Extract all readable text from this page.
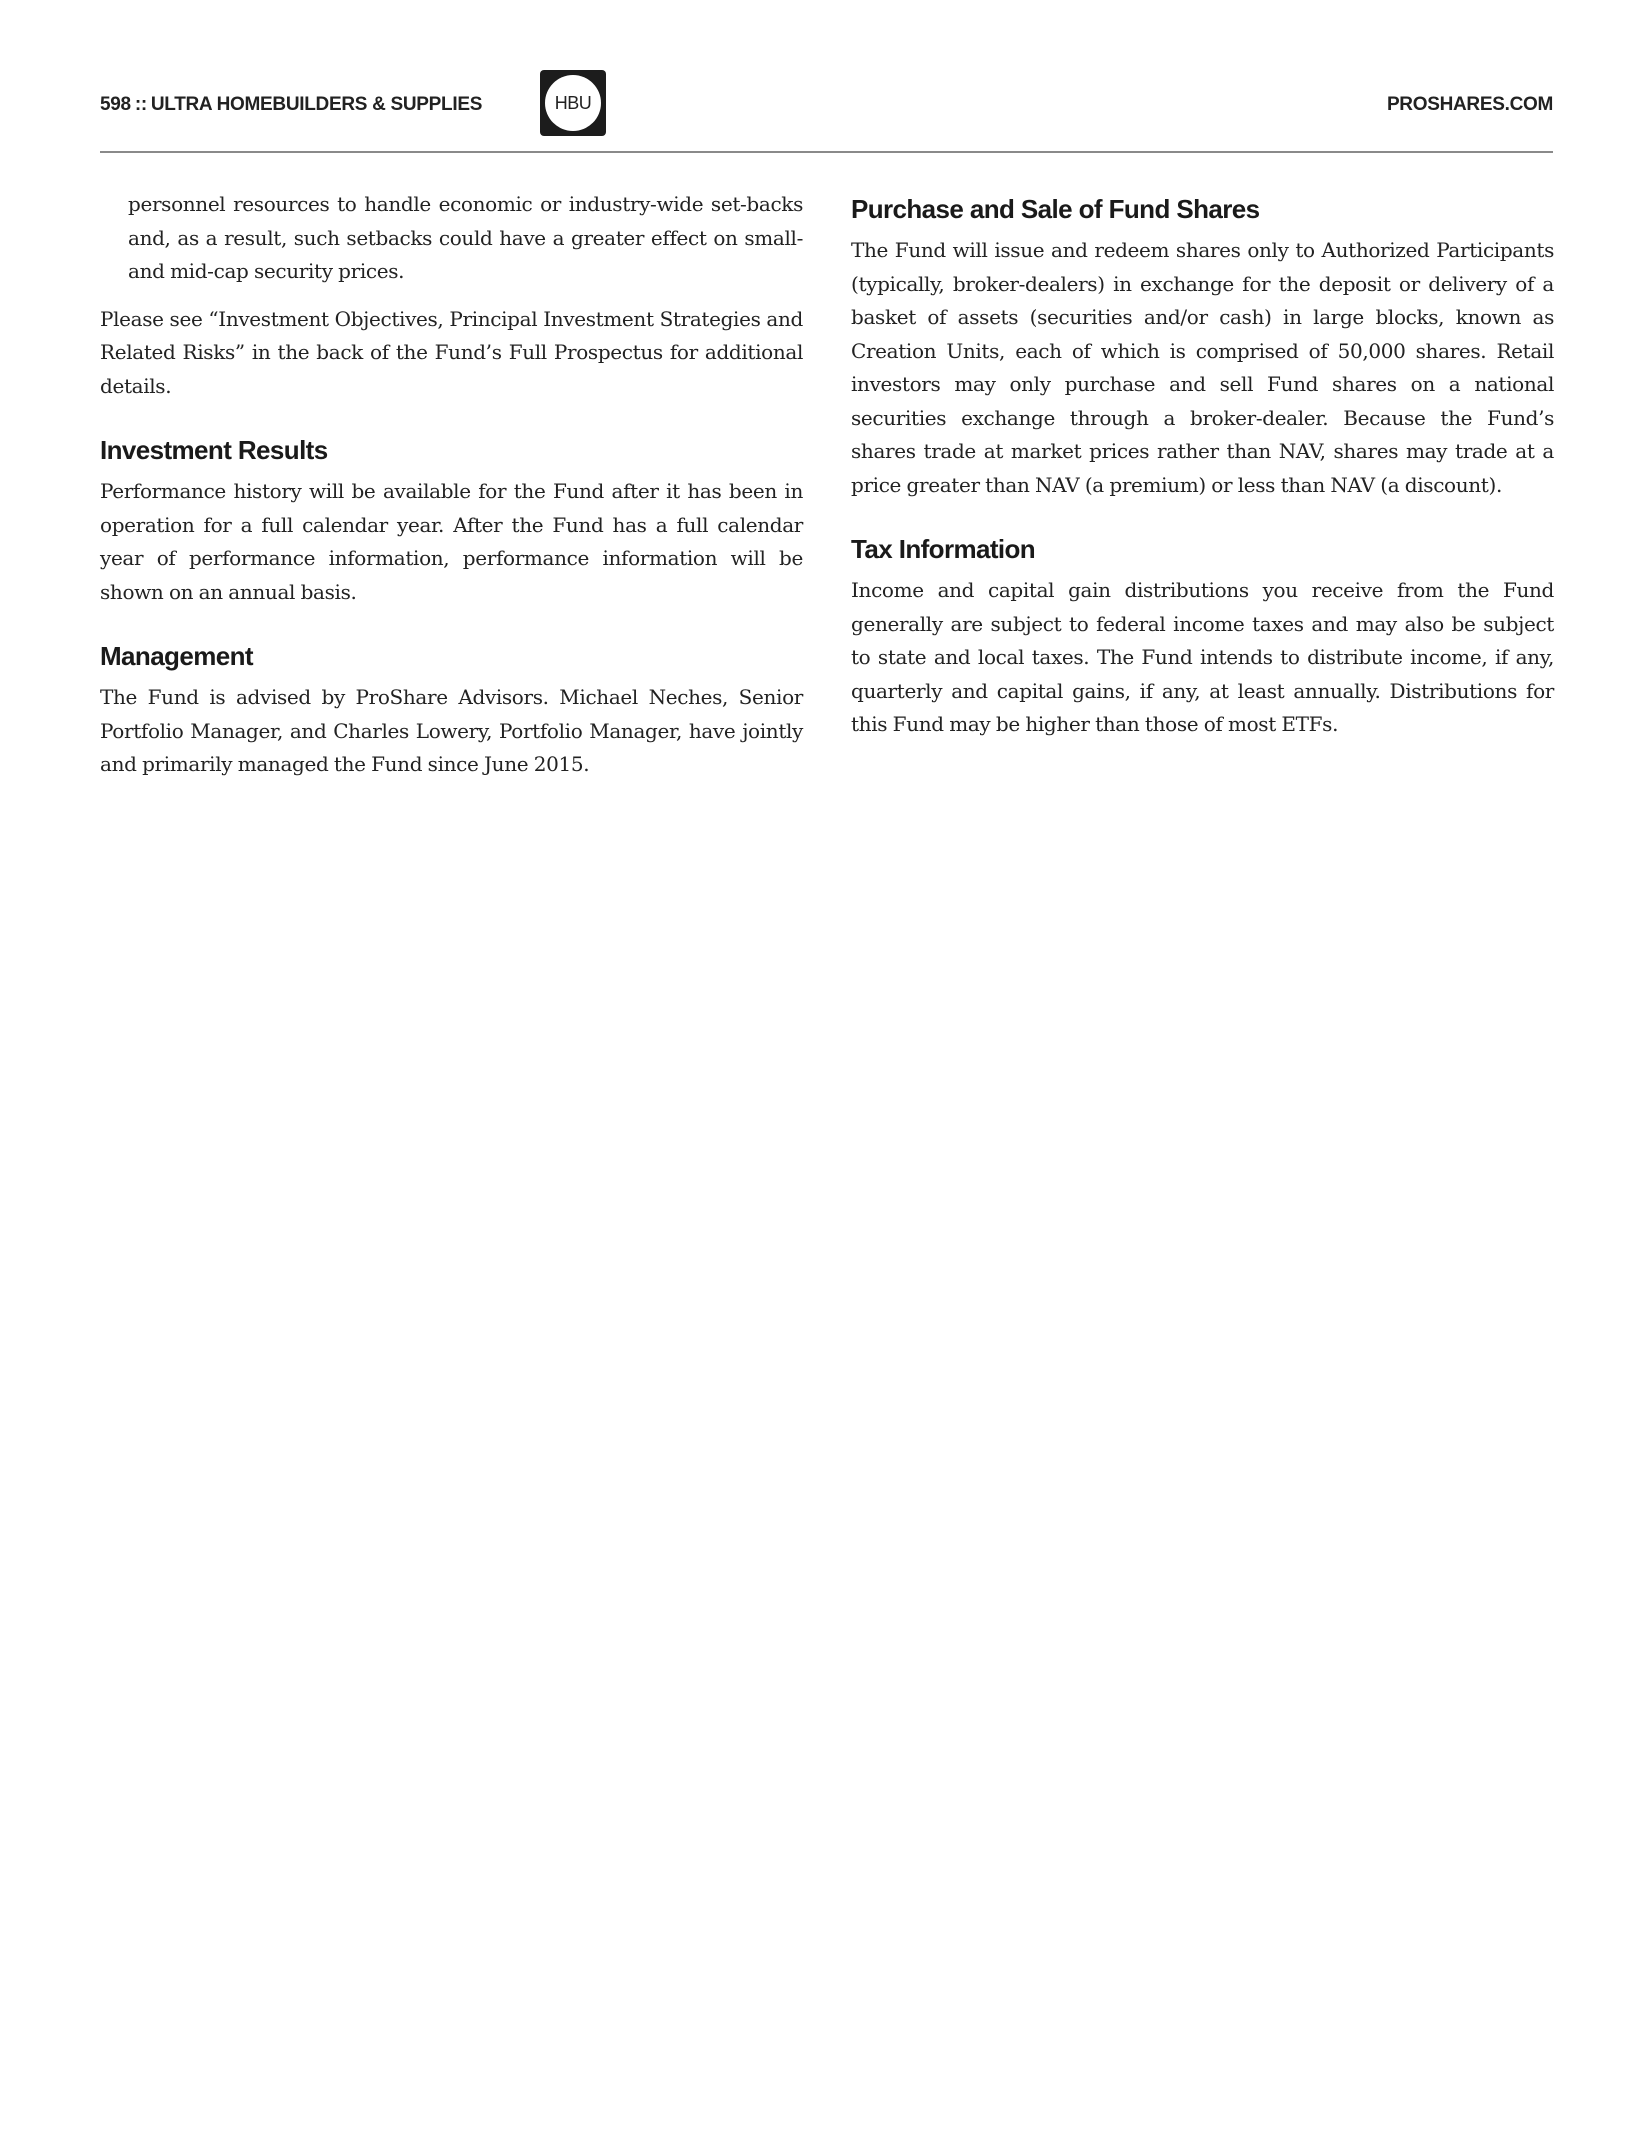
598 :: ULTRA HOMEBUILDERS & SUPPLIES	HBU	PROSHARES.COM

personnel resources to handle economic or industry-wide set-backs and, as a result, such setbacks could have a greater effect on small- and mid-cap security prices.

Please see “Investment Objectives, Principal Investment Strategies and Related Risks” in the back of the Fund’s Full Prospectus for additional details.

Investment Results

Performance history will be available for the Fund after it has been in operation for a full calendar year. After the Fund has a full calendar year of performance information, performance information will be shown on an annual basis.

Management

The Fund is advised by ProShare Advisors. Michael Neches, Senior Portfolio Manager, and Charles Lowery, Portfolio Manager, have jointly and primarily managed the Fund since June 2015.

Purchase and Sale of Fund Shares

The Fund will issue and redeem shares only to Authorized Participants (typically, broker-dealers) in exchange for the deposit or delivery of a basket of assets (securities and/or cash) in large blocks, known as Creation Units, each of which is comprised of 50,000 shares. Retail investors may only purchase and sell Fund shares on a national securities exchange through a broker-dealer. Because the Fund’s shares trade at market prices rather than NAV, shares may trade at a price greater than NAV (a premium) or less than NAV (a discount).

Tax Information

Income and capital gain distributions you receive from the Fund generally are subject to federal income taxes and may also be subject to state and local taxes. The Fund intends to distribute income, if any, quarterly and capital gains, if any, at least annually. Distributions for this Fund may be higher than those of most ETFs.
